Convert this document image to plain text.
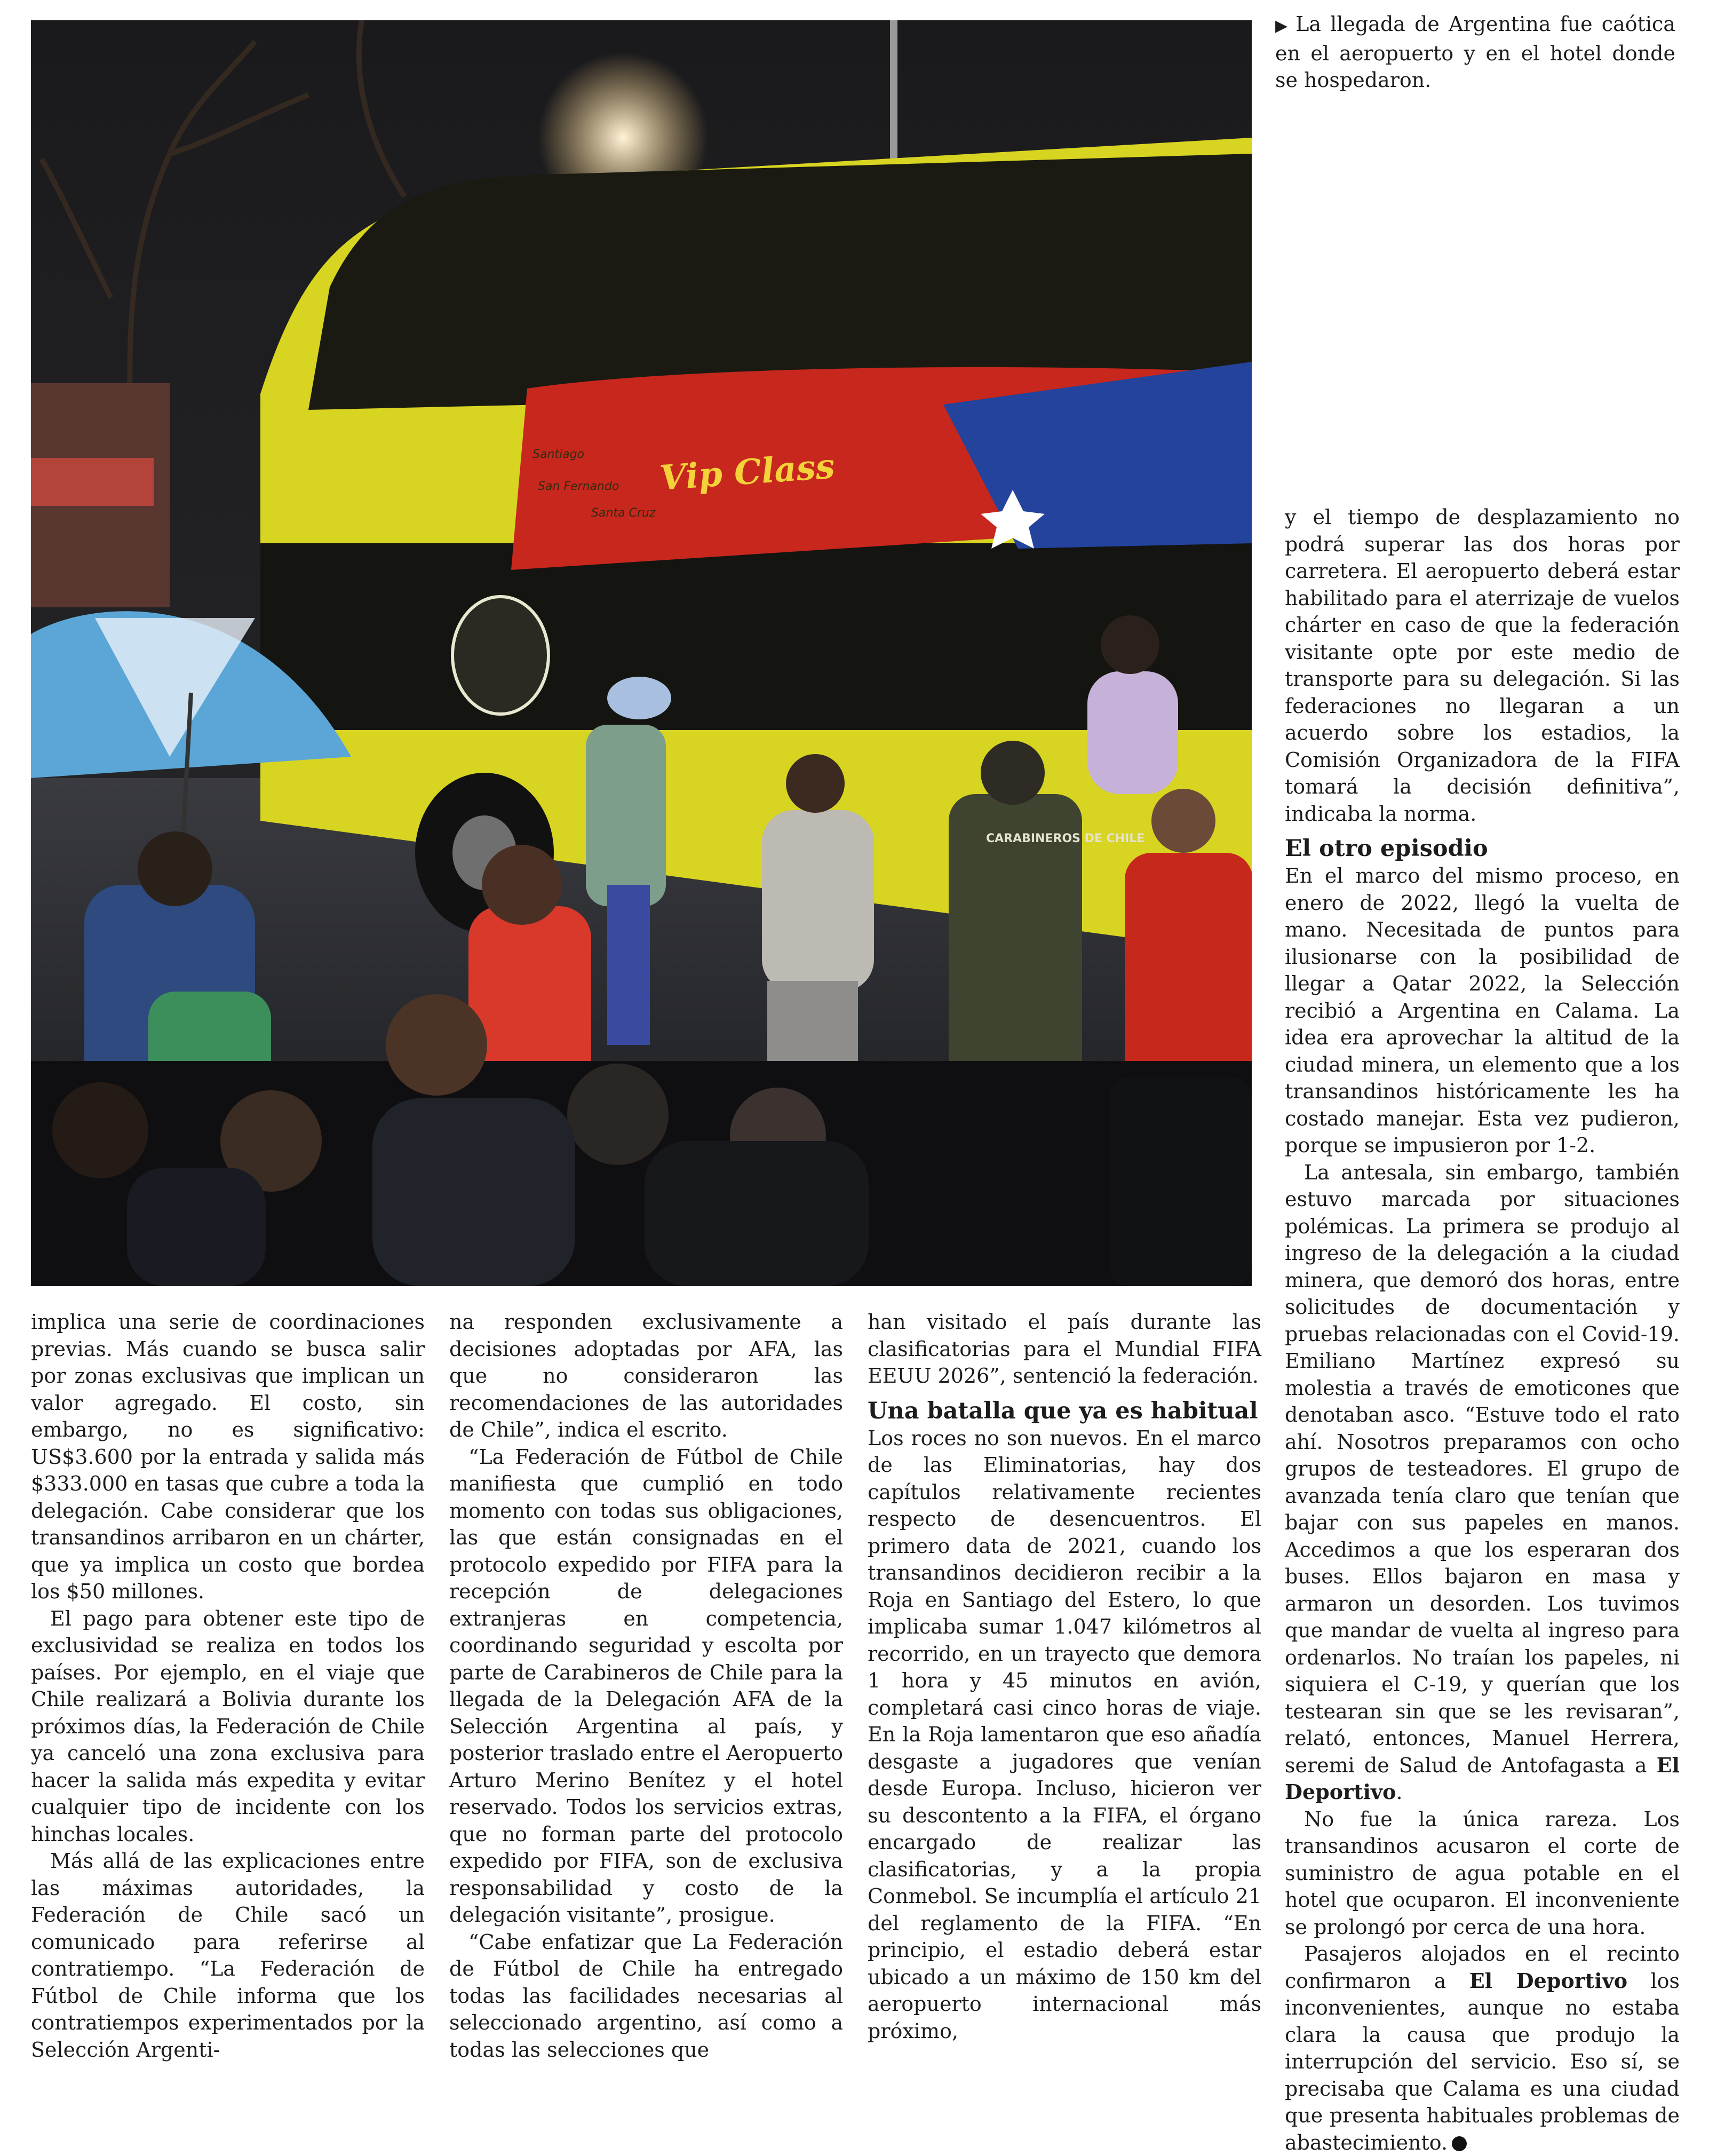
Vip Class
Santiago
San Fernando
Santa Cruz
CARABINEROS DE CHILE
▶ La llegada de Argentina fue caótica en el aeropuerto y en el hotel donde se hospedaron.

implica una serie de coordinaciones previas. Más cuando se busca salir por zonas exclusivas que implican un valor agregado. El costo, sin embargo, no es significativo: US$3.600 por la entrada y salida más $333.000 en tasas que cubre a toda la delegación. Cabe considerar que los transandinos arribaron en un chárter, que ya implica un costo que bordea los $50 millones.

El pago para obtener este tipo de exclusividad se realiza en todos los países. Por ejemplo, en el viaje que Chile realizará a Bolivia durante los próximos días, la Federación de Chile ya canceló una zona exclusiva para hacer la salida más expedita y evitar cualquier tipo de incidente con los hinchas locales.

Más allá de las explicaciones entre las máximas autoridades, la Federación de Chile sacó un comunicado para referirse al contratiempo. “La Federación de Fútbol de Chile informa que los contratiempos experimentados por la Selección Argenti-

na responden exclusivamente a decisiones adoptadas por AFA, las que no consideraron las recomendaciones de las autoridades de Chile”, indica el escrito.

“La Federación de Fútbol de Chile manifiesta que cumplió en todo momento con todas sus obligaciones, las que están consignadas en el protocolo expedido por FIFA para la recepción de delegaciones extranjeras en competencia, coordinando seguridad y escolta por parte de Carabineros de Chile para la llegada de la Delegación AFA de la Selección Argentina al país, y posterior traslado entre el Aeropuerto Arturo Merino Benítez y el hotel reservado. Todos los servicios extras, que no forman parte del protocolo expedido por FIFA, son de exclusiva responsabilidad y costo de la delegación visitante”, prosigue.

“Cabe enfatizar que La Federación de Fútbol de Chile ha entregado todas las facilidades necesarias al seleccionado argentino, así como a todas las selecciones que

han visitado el país durante las clasificatorias para el Mundial FIFA EEUU 2026”, sentenció la federación.

Una batalla que ya es habitual

Los roces no son nuevos. En el marco de las Eliminatorias, hay dos capítulos relativamente recientes respecto de desencuentros. El primero data de 2021, cuando los transandinos decidieron recibir a la Roja en Santiago del Estero, lo que implicaba sumar 1.047 kilómetros al recorrido, en un trayecto que demora 1 hora y 45 minutos en avión, completará casi cinco horas de viaje. En la Roja lamentaron que eso añadía desgaste a jugadores que venían desde Europa. Incluso, hicieron ver su descontento a la FIFA, el órgano encargado de realizar las clasificatorias, y a la propia Conmebol. Se incumplía el artículo 21 del reglamento de la FIFA. “En principio, el estadio deberá estar ubicado a un máximo de 150 km del aeropuerto internacional más próximo,

y el tiempo de desplazamiento no podrá superar las dos horas por carretera. El aeropuerto deberá estar habilitado para el aterrizaje de vuelos chárter en caso de que la federación visitante opte por este medio de transporte para su delegación. Si las federaciones no llegaran a un acuerdo sobre los estadios, la Comisión Organizadora de la FIFA tomará la decisión definitiva”, indicaba la norma.

El otro episodio

En el marco del mismo proceso, en enero de 2022, llegó la vuelta de mano. Necesitada de puntos para ilusionarse con la posibilidad de llegar a Qatar 2022, la Selección recibió a Argentina en Calama. La idea era aprovechar la altitud de la ciudad minera, un elemento que a los transandinos históricamente les ha costado manejar. Esta vez pudieron, porque se impusieron por 1-2.

La antesala, sin embargo, también estuvo marcada por situaciones polémicas. La primera se produjo al ingreso de la delegación a la ciudad minera, que demoró dos horas, entre solicitudes de documentación y pruebas relacionadas con el Covid-19. Emiliano Martínez expresó su molestia a través de emoticones que denotaban asco. “Estuve todo el rato ahí. Nosotros preparamos con ocho grupos de testeadores. El grupo de avanzada tenía claro que tenían que bajar con sus papeles en manos. Accedimos a que los esperaran dos buses. Ellos bajaron en masa y armaron un desorden. Los tuvimos que mandar de vuelta al ingreso para ordenarlos. No traían los papeles, ni siquiera el C-19, y querían que los testearan sin que se les revisaran”, relató, entonces, Manuel Herrera, seremi de Salud de Antofagasta a El Deportivo.

No fue la única rareza. Los transandinos acusaron el corte de suministro de agua potable en el hotel que ocuparon. El inconveniente se prolongó por cerca de una hora.

Pasajeros alojados en el recinto confirmaron a El Deportivo los inconvenientes, aunque no estaba clara la causa que produjo la interrupción del servicio. Eso sí, se precisaba que Calama es una ciudad que presenta habituales problemas de abastecimiento.
